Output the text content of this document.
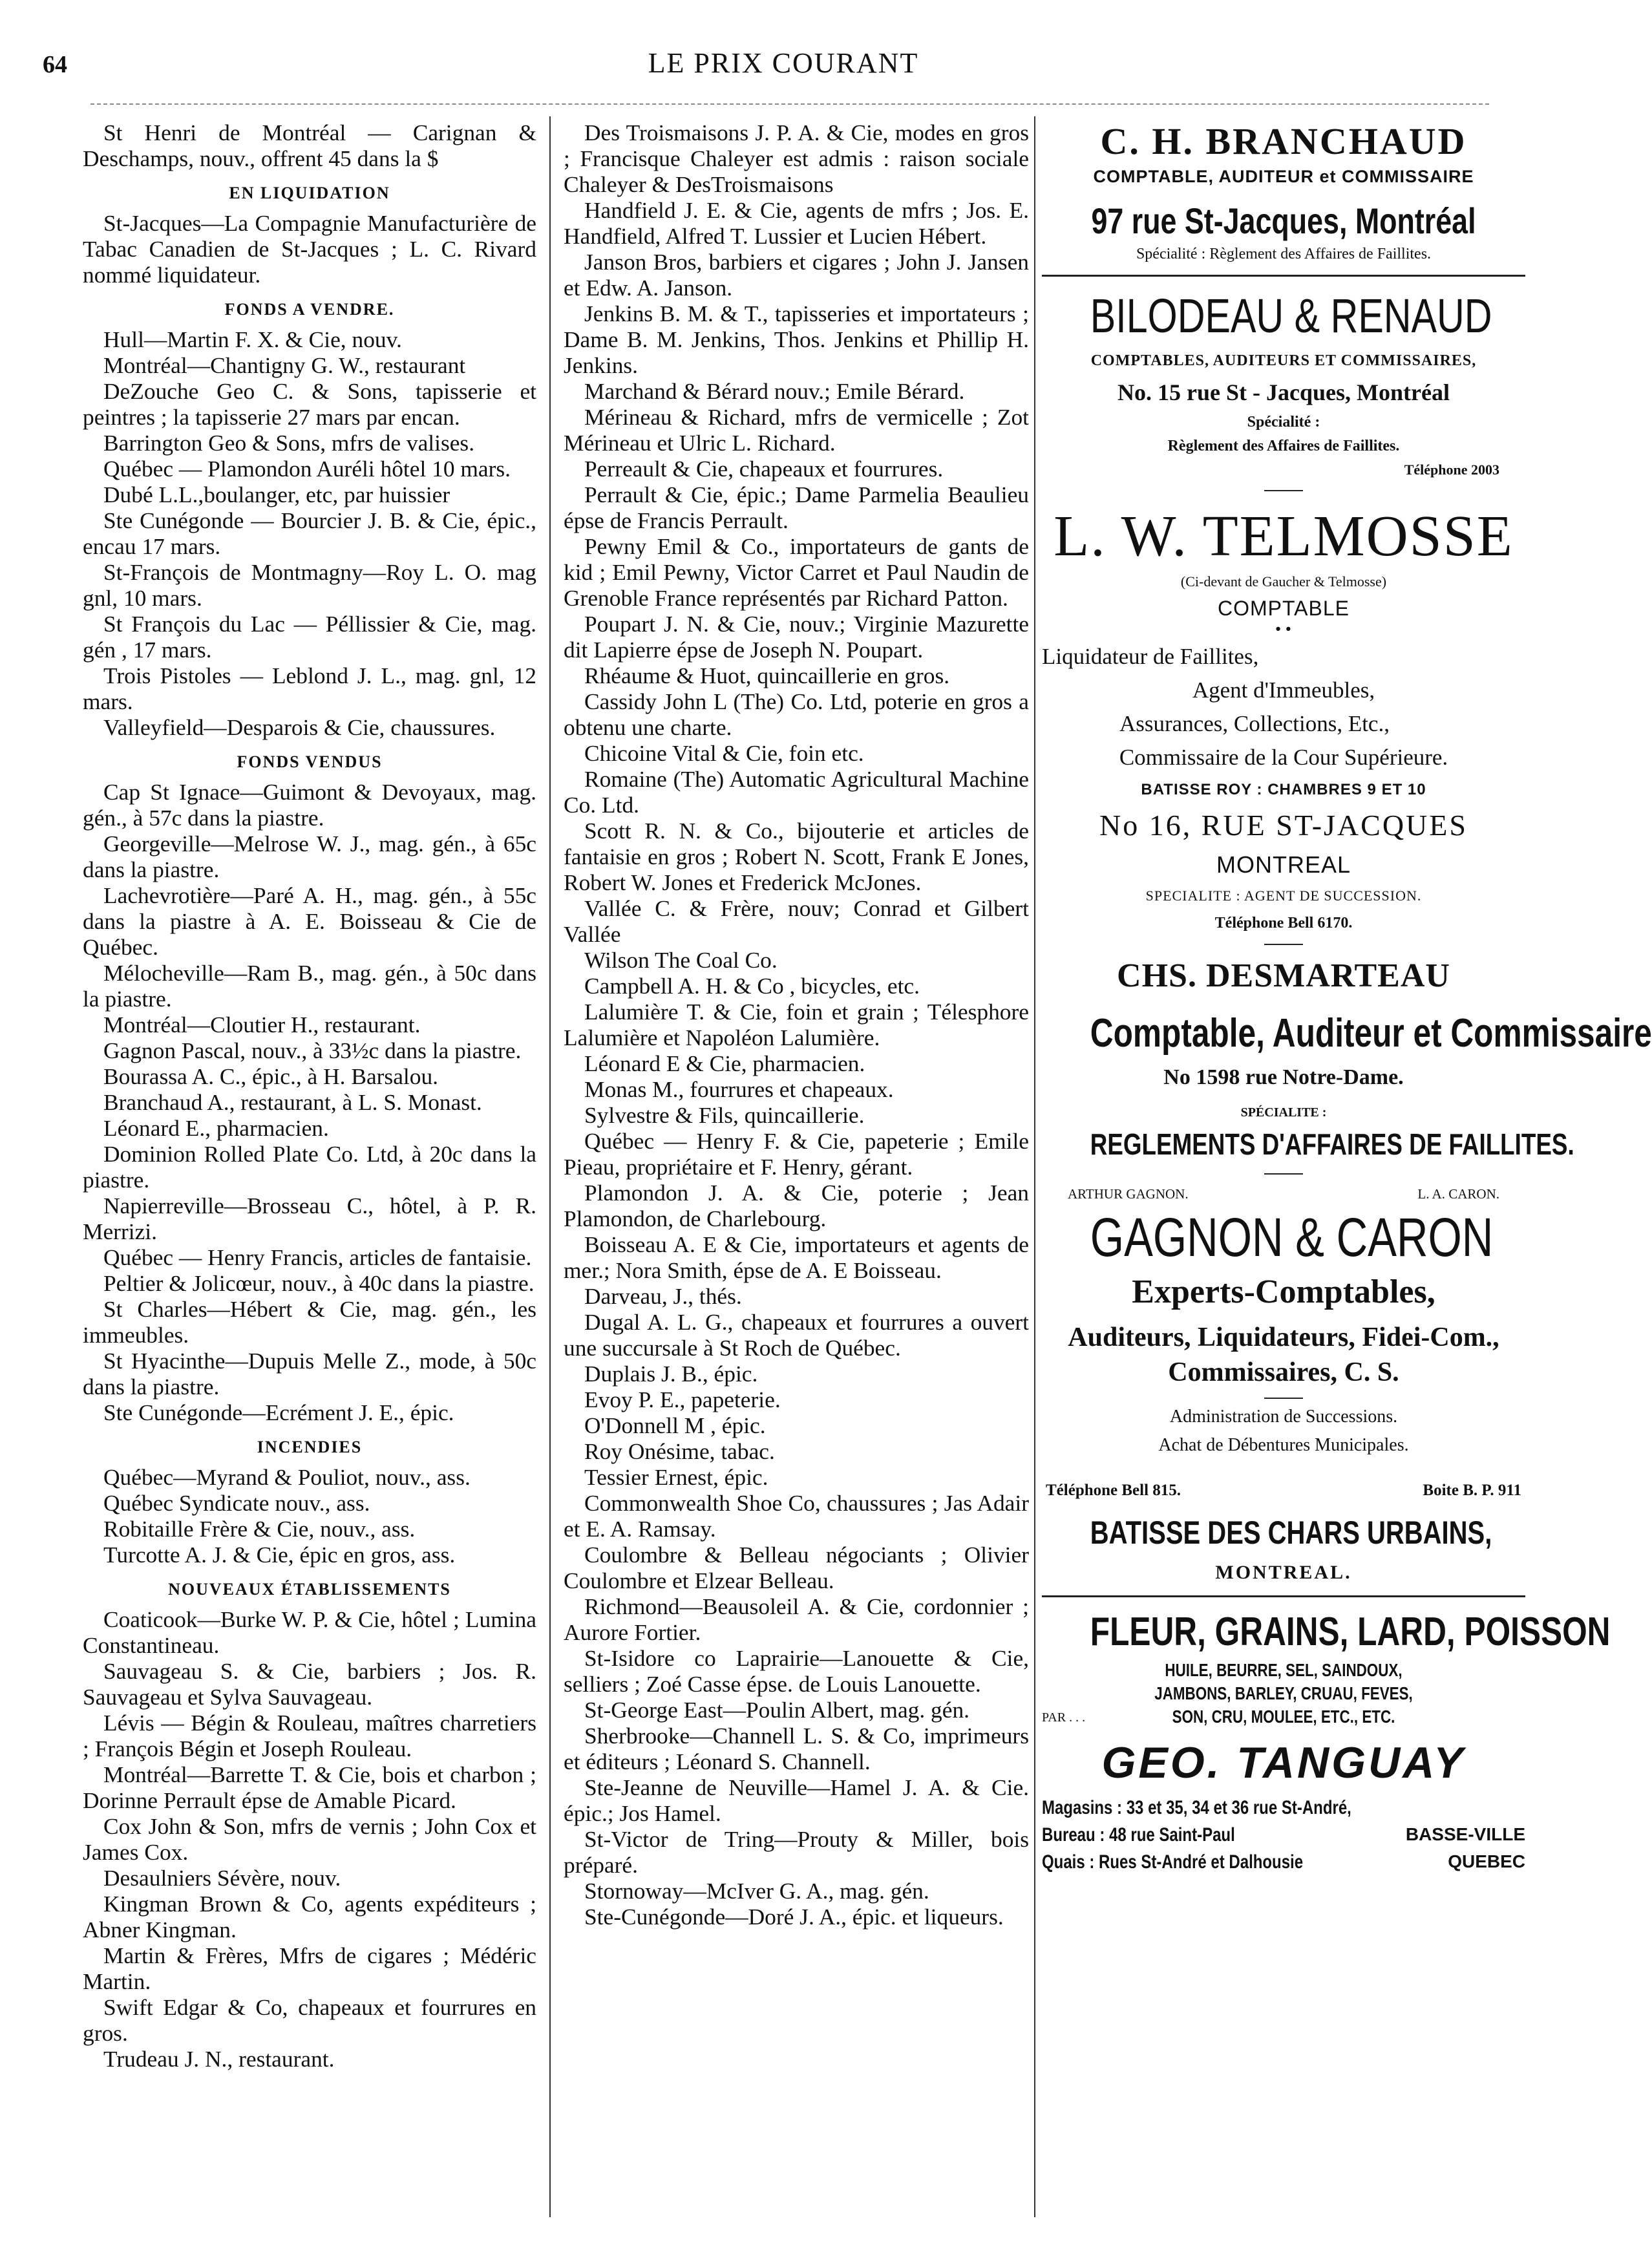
64	LE PRIX COURANT

St Henri de Montréal — Carignan & Deschamps, nouv., offrent 45 dans la $

EN LIQUIDATION

St-Jacques—La Compagnie Manufacturière de Tabac Canadien de St-Jacques ; L. C. Rivard nommé liquidateur.

FONDS A VENDRE.

Hull—Martin F. X. & Cie, nouv.

Montréal—Chantigny G. W., restaurant

DeZouche Geo C. & Sons, tapisserie et peintres ; la tapisserie 27 mars par encan.

Barrington Geo & Sons, mfrs de valises.

Québec — Plamondon Auréli hôtel 10 mars.

Dubé L.L.,boulanger, etc, par huissier

Ste Cunégonde — Bourcier J. B. & Cie, épic., encau 17 mars.

St-François de Montmagny—Roy L. O. mag gnl, 10 mars.

St François du Lac — Péllissier & Cie, mag. gén , 17 mars.

Trois Pistoles — Leblond J. L., mag. gnl, 12 mars.

Valleyfield—Desparois & Cie, chaussures.

FONDS VENDUS

Cap St Ignace—Guimont & Devoyaux, mag. gén., à 57c dans la piastre.

Georgeville—Melrose W. J., mag. gén., à 65c dans la piastre.

Lachevrotière—Paré A. H., mag. gén., à 55c dans la piastre à A. E. Boisseau & Cie de Québec.

Mélocheville—Ram B., mag. gén., à 50c dans la piastre.

Montréal—Cloutier H., restaurant.

Gagnon Pascal, nouv., à 33½c dans la piastre.

Bourassa A. C., épic., à H. Barsalou.

Branchaud A., restaurant, à L. S. Monast.

Léonard E., pharmacien.

Dominion Rolled Plate Co. Ltd, à 20c dans la piastre.

Napierreville—Brosseau C., hôtel, à P. R. Merrizi.

Québec — Henry Francis, articles de fantaisie.

Peltier & Jolicœur, nouv., à 40c dans la piastre.

St Charles—Hébert & Cie, mag. gén., les immeubles.

St Hyacinthe—Dupuis Melle Z., mode, à 50c dans la piastre.

Ste Cunégonde—Ecrément J. E., épic.

INCENDIES

Québec—Myrand & Pouliot, nouv., ass.

Québec Syndicate nouv., ass.

Robitaille Frère & Cie, nouv., ass.

Turcotte A. J. & Cie, épic en gros, ass.

NOUVEAUX ÉTABLISSEMENTS

Coaticook—Burke W. P. & Cie, hôtel ; Lumina Constantineau.

Sauvageau S. & Cie, barbiers ; Jos. R. Sauvageau et Sylva Sauvageau.

Lévis — Bégin & Rouleau, maîtres charretiers ; François Bégin et Joseph Rouleau.

Montréal—Barrette T. & Cie, bois et charbon ; Dorinne Perrault épse de Amable Picard.

Cox John & Son, mfrs de vernis ; John Cox et James Cox.

Desaulniers Sévère, nouv.

Kingman Brown & Co, agents expéditeurs ; Abner Kingman.

Martin & Frères, Mfrs de cigares ; Médéric Martin.

Swift Edgar & Co, chapeaux et fourrures en gros.

Trudeau J. N., restaurant.

Des Troismaisons J. P. A. & Cie, modes en gros ; Francisque Chaleyer est admis : raison sociale Chaleyer & DesTroismaisons

Handfield J. E. & Cie, agents de mfrs ; Jos. E. Handfield, Alfred T. Lussier et Lucien Hébert.

Janson Bros, barbiers et cigares ; John J. Jansen et Edw. A. Janson.

Jenkins B. M. & T., tapisseries et importateurs ; Dame B. M. Jenkins, Thos. Jenkins et Phillip H. Jenkins.

Marchand & Bérard nouv.; Emile Bérard.

Mérineau & Richard, mfrs de vermicelle ; Zot Mérineau et Ulric L. Richard.

Perreault & Cie, chapeaux et fourrures.

Perrault & Cie, épic.; Dame Parmelia Beaulieu épse de Francis Perrault.

Pewny Emil & Co., importateurs de gants de kid ; Emil Pewny, Victor Carret et Paul Naudin de Grenoble France représentés par Richard Patton.

Poupart J. N. & Cie, nouv.; Virginie Mazurette dit Lapierre épse de Joseph N. Poupart.

Rhéaume & Huot, quincaillerie en gros.

Cassidy John L (The) Co. Ltd, poterie en gros a obtenu une charte.

Chicoine Vital & Cie, foin etc.

Romaine (The) Automatic Agricultural Machine Co. Ltd.

Scott R. N. & Co., bijouterie et articles de fantaisie en gros ; Robert N. Scott, Frank E Jones, Robert W. Jones et Frederick McJones.

Vallée C. & Frère, nouv; Conrad et Gilbert Vallée

Wilson The Coal Co.

Campbell A. H. & Co , bicycles, etc.

Lalumière T. & Cie, foin et grain ; Télesphore Lalumière et Napoléon Lalumière.

Léonard E & Cie, pharmacien.

Monas M., fourrures et chapeaux.

Sylvestre & Fils, quincaillerie.

Québec — Henry F. & Cie, papeterie ; Emile Pieau, propriétaire et F. Henry, gérant.

Plamondon J. A. & Cie, poterie ; Jean Plamondon, de Charlebourg.

Boisseau A. E & Cie, importateurs et agents de mer.; Nora Smith, épse de A. E Boisseau.

Darveau, J., thés.

Dugal A. L. G., chapeaux et fourrures a ouvert une succursale à St Roch de Québec.

Duplais J. B., épic.

Evoy P. E., papeterie.

O'Donnell M , épic.

Roy Onésime, tabac.

Tessier Ernest, épic.

Commonwealth Shoe Co, chaussures ; Jas Adair et E. A. Ramsay.

Coulombre & Belleau négociants ; Olivier Coulombre et Elzear Belleau.

Richmond—Beausoleil A. & Cie, cordonnier ; Aurore Fortier.

St-Isidore co Laprairie—Lanouette & Cie, selliers ; Zoé Casse épse. de Louis Lanouette.

St-George East—Poulin Albert, mag. gén.

Sherbrooke—Channell L. S. & Co, imprimeurs et éditeurs ; Léonard S. Channell.

Ste-Jeanne de Neuville—Hamel J. A. & Cie. épic.; Jos Hamel.

St-Victor de Tring—Prouty & Miller, bois préparé.

Stornoway—McIver G. A., mag. gén.

Ste-Cunégonde—Doré J. A., épic. et liqueurs.

C. H. BRANCHAUD

COMPTABLE, AUDITEUR et COMMISSAIRE

97 rue St-Jacques, Montréal

Spécialité : Règlement des Affaires de Faillites.

BILODEAU & RENAUD

COMPTABLES, AUDITEURS ET COMMISSAIRES,

No. 15 rue St - Jacques, Montréal

Spécialité :

Règlement des Affaires de Faillites.

Téléphone 2003

L. W. TELMOSSE

(Ci-devant de Gaucher & Telmosse)

COMPTABLE

• •

Liquidateur de Faillites,

Agent d'Immeubles,

Assurances, Collections, Etc.,

Commissaire de la Cour Supérieure.

BATISSE ROY : CHAMBRES 9 ET 10

No 16, RUE ST-JACQUES

MONTREAL

SPECIALITE : AGENT DE SUCCESSION.

Téléphone Bell 6170.

CHS. DESMARTEAU

Comptable, Auditeur et Commissaire

No 1598 rue Notre-Dame.

SPÉCIALITE :

REGLEMENTS D'AFFAIRES DE FAILLITES.
ARTHUR GAGNON.	L. A. CARON.
GAGNON & CARON

Experts-Comptables,

Auditeurs, Liquidateurs, Fidei-Com., Commissaires, C. S.

Administration de Successions.

Achat de Débentures Municipales.

Téléphone Bell 815.	Boite B. P. 911
BATISSE DES CHARS URBAINS,

MONTREAL.

FLEUR, GRAINS, LARD, POISSON
HUILE, BEURRE, SEL, SAINDOUX,
JAMBONS, BARLEY, CRUAU, FEVES,
PAR . . .	SON, CRU, MOULEE, ETC., ETC.

GEO. TANGUAY

Magasins : 33 et 35, 34 et 36 rue St-André,
Bureau : 48 rue Saint-Paul	BASSE-VILLE
Quais : Rues St-André et Dalhousie	QUEBEC
